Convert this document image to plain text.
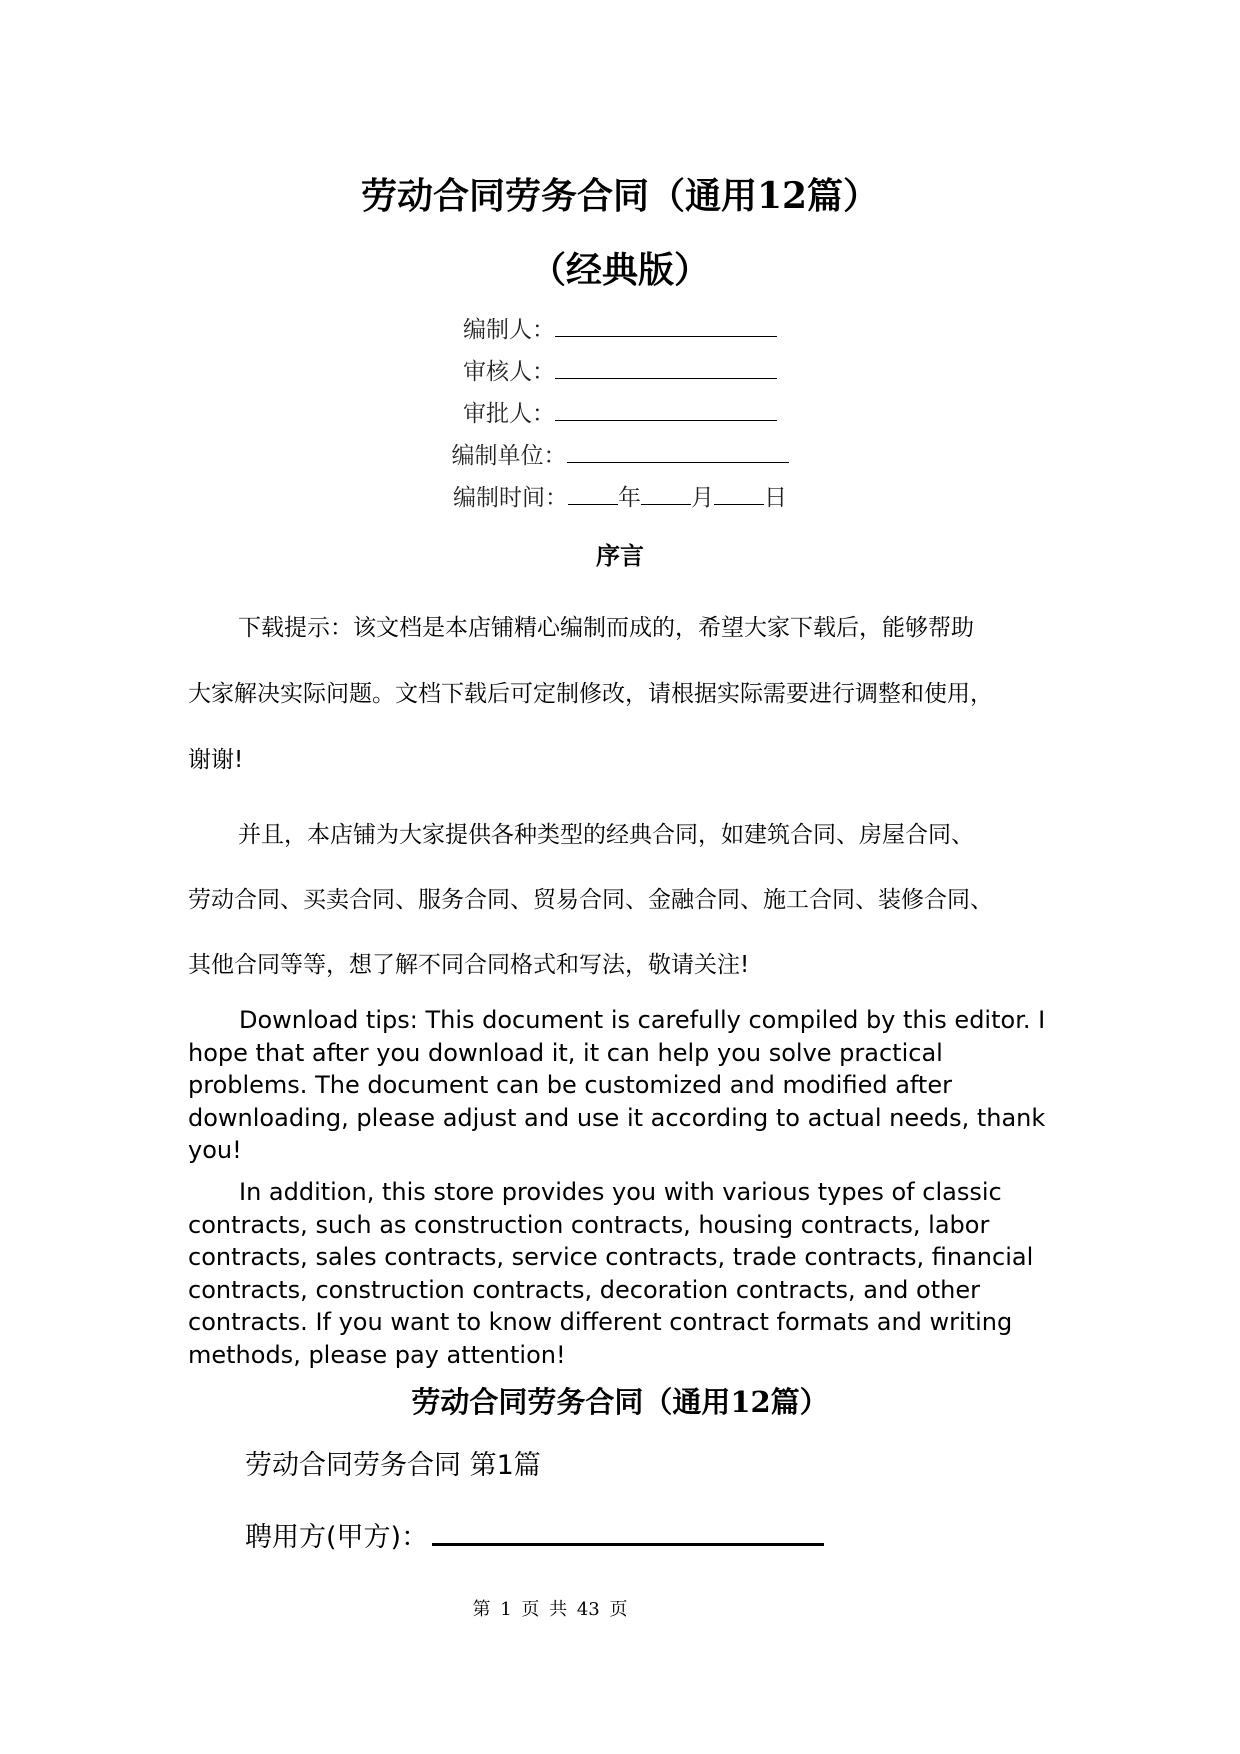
劳动合同劳务合同（通用12篇）
（经典版）
编制人：
审核人：
审批人：
编制单位：
编制时间： 年 月 日
序言
下载提示：该文档是本店铺精心编制而成的，希望大家下载后，能够帮助
大家解决实际问题。文档下载后可定制修改，请根据实际需要进行调整和使用，
谢谢!
并且，本店铺为大家提供各种类型的经典合同，如建筑合同、房屋合同、
劳动合同、买卖合同、服务合同、贸易合同、金融合同、施工合同、装修合同、
其他合同等等，想了解不同合同格式和写法，敬请关注!

Download tips: This document is carefully compiled by this editor. I hope that after you download it, it can help you solve practical problems. The document can be customized and modified after downloading, please adjust and use it according to actual needs, thank you!

In addition, this store provides you with various types of classic contracts, such as construction contracts, housing contracts, labor contracts, sales contracts, service contracts, trade contracts, financial contracts, construction contracts, decoration contracts, and other contracts. If you want to know different contract formats and writing methods, please pay attention!

劳动合同劳务合同（通用12篇）
劳动合同劳务合同 第1篇
聘用方(甲方)：
第 1 页 共 43 页
